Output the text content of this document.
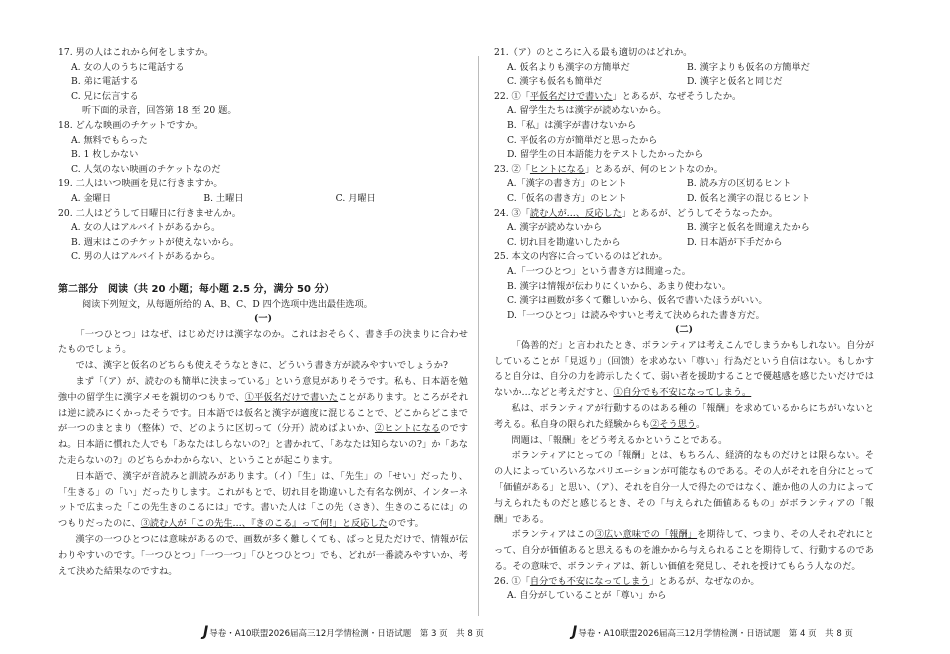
17. 男の人はこれから何をしますか。
A. 女の人のうちに電話する
B. 弟に電話する
C. 兄に伝言する
听下面的录音，回答第 18 至 20 题。
18. どんな映画のチケットですか。
A. 無料でもらった
B. 1 枚しかない
C. 人気のない映画のチケットなのだ
19. 二人はいつ映画を見に行きますか。
A. 金曜日	B. 土曜日	C. 月曜日
20. 二人はどうして日曜日に行きませんか。
A. 女の人はアルバイトがあるから。
B. 週末はこのチケットが使えないから。
C. 男の人はアルバイトがあるから。
第二部分　阅读（共 20 小题；每小题 2.5 分，满分 50 分）
阅读下列短文，从每题所给的 A、B、C、D 四个选项中选出最佳选项。
(一)

「一つひとつ」はなぜ、はじめだけは漢字なのか。これはおそらく、書き手の決まりに合わせたものでしょう。

では、漢字と仮名のどちらも使えそうなときに、どういう書き方が読みやすいでしょうか?

まず「（ア）が、読むのも簡単に決まっている」という意見がありそうです。私も、日本語を勉強中の留学生に漢字メモを親切のつもりで、①平仮名だけで書いたことがあります。ところがそれは逆に読みにくかったそうです。日本語では仮名と漢字が適度に混じることで、どこからどこまでが一つのまとまり（整体）で、どのように区切って（分开）読めばよいか、②ヒントになるのですね。日本語に慣れた人でも「あなたはしらないの?」と書かれて、「あなたは知らないの?」か「あなた走らないの?」のどちらかわからない、ということが起こります。

日本語で、漢字が音読みと訓読みがあります。（イ）「生」は、「先生」の「せい」だったり、「生きる」の「い」だったりします。これがもとで、切れ目を勘違いした有名な例が、インターネットで広まった「この先生きのこるには」です。書いた人は「この先（さき）、生きのこるには」のつもりだったのに、③読む人が「この先生…、『きのこる』って何!」と反応したのです。

漢字の一つひとつには意味があるので、画数が多く難しくても、ぱっと見ただけで、情報が伝わりやすいのです。「一つひとつ」「一つ一つ」「ひとつひとつ」でも、どれが一番読みやすいか、考えて決めた結果なのですね。

21.（ア）のところに入る最も適切のはどれか。
A. 仮名よりも漢字の方簡単だ	B. 漢字よりも仮名の方簡単だ
C. 漢字も仮名も簡単だ	D. 漢字と仮名と同じだ
22. ①「平仮名だけで書いた」とあるが、なぜそうしたか。
A. 留学生たちは漢字が読めないから。
B.「私」は漢字が書けないから
C. 平仮名の方が簡単だと思ったから
D. 留学生の日本語能力をテストしたかったから
23. ②「ヒントになる」とあるが、何のヒントなのか。
A.「漢字の書き方」のヒント	B. 読み方の区切るヒント
C.「仮名の書き方」のヒント	D. 仮名と漢字の混じるヒント
24. ③「読む人が…、反応した」とあるが、どうしてそうなったか。
A. 漢字が読めないから	B. 漢字と仮名を間違えたから
C. 切れ目を勘違いしたから	D. 日本語が下手だから
25. 本文の内容に合っているのはどれか。
A.「一つひとつ」という書き方は間違った。
B. 漢字は情報が伝わりにくいから、あまり使わない。
C. 漢字は画数が多くて難しいから、仮名で書いたほうがいい。
D.「一つひとつ」は読みやすいと考えて決められた書き方だ。
(二)

「偽善的だ」と言われたとき、ボランティアは考えこんでしまうかもしれない。自分がしていることが「見返り」（回馈）を求めない「尊い」行為だという自信はない。もしかすると自分は、自分の力を誇示したくて、弱い者を援助することで優越感を感じたいだけではないか…などと考えだすと、①自分でも不安になってしまう。

私は、ボランティアが行動するのはある種の「報酬」を求めているからにちがいないと考える。私自身の限られた経験からも②そう思う。

問題は、「報酬」をどう考えるかということである。

ボランティアにとっての「報酬」とは、もちろん、経済的なものだけとは限らない。その人によっていろいろなバリエーションが可能なものである。その人がそれを自分にとって「価値がある」と思い、（ア）、それを自分一人で得たのではなく、誰か他の人の力によって与えられたものだと感じるとき、その「与えられた価値あるもの」がボランティアの「報酬」である。

ボランティアはこの③広い意味での「報酬」を期待して、つまり、その人それぞれにとって、自分が価値あると思えるものを誰かから与えられることを期待して、行動するのである。その意味で、ボランティアは、新しい価値を発見し、それを授けてもらう人なのだ。

26. ①「自分でも不安になってしまう」とあるが、なぜなのか。
A. 自分がしていることが「尊い」から
J导卷・A10联盟2026届高三12月学情检测・日语试题　第 3 页　共 8 页	J导卷・A10联盟2026届高三12月学情检测・日语试题　第 4 页　共 8 页
